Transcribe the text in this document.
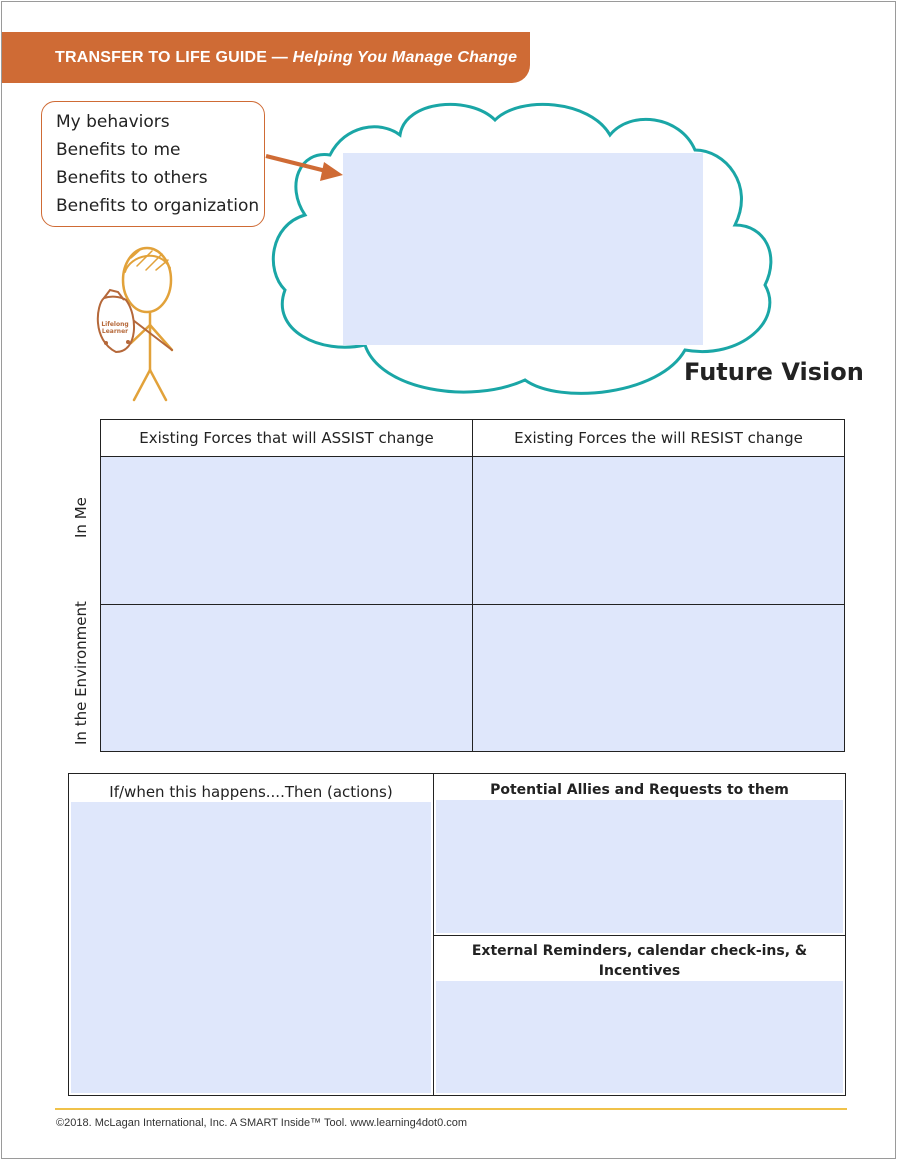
TRANSFER TO LIFE GUIDE — Helping You Manage Change
My behaviors
Benefits to me
Benefits to others
Benefits to organization
Lifelong
Learner
Future Vision
Existing Forces that will ASSIST change	Existing Forces the will RESIST change

In Me
In the Environment
If/when this happens....Then (actions)	Potential Allies and Requests to them
External Reminders, calendar check-ins, & Incentives
©2018. McLagan International, Inc. A SMART Inside™ Tool. www.learning4dot0.com
